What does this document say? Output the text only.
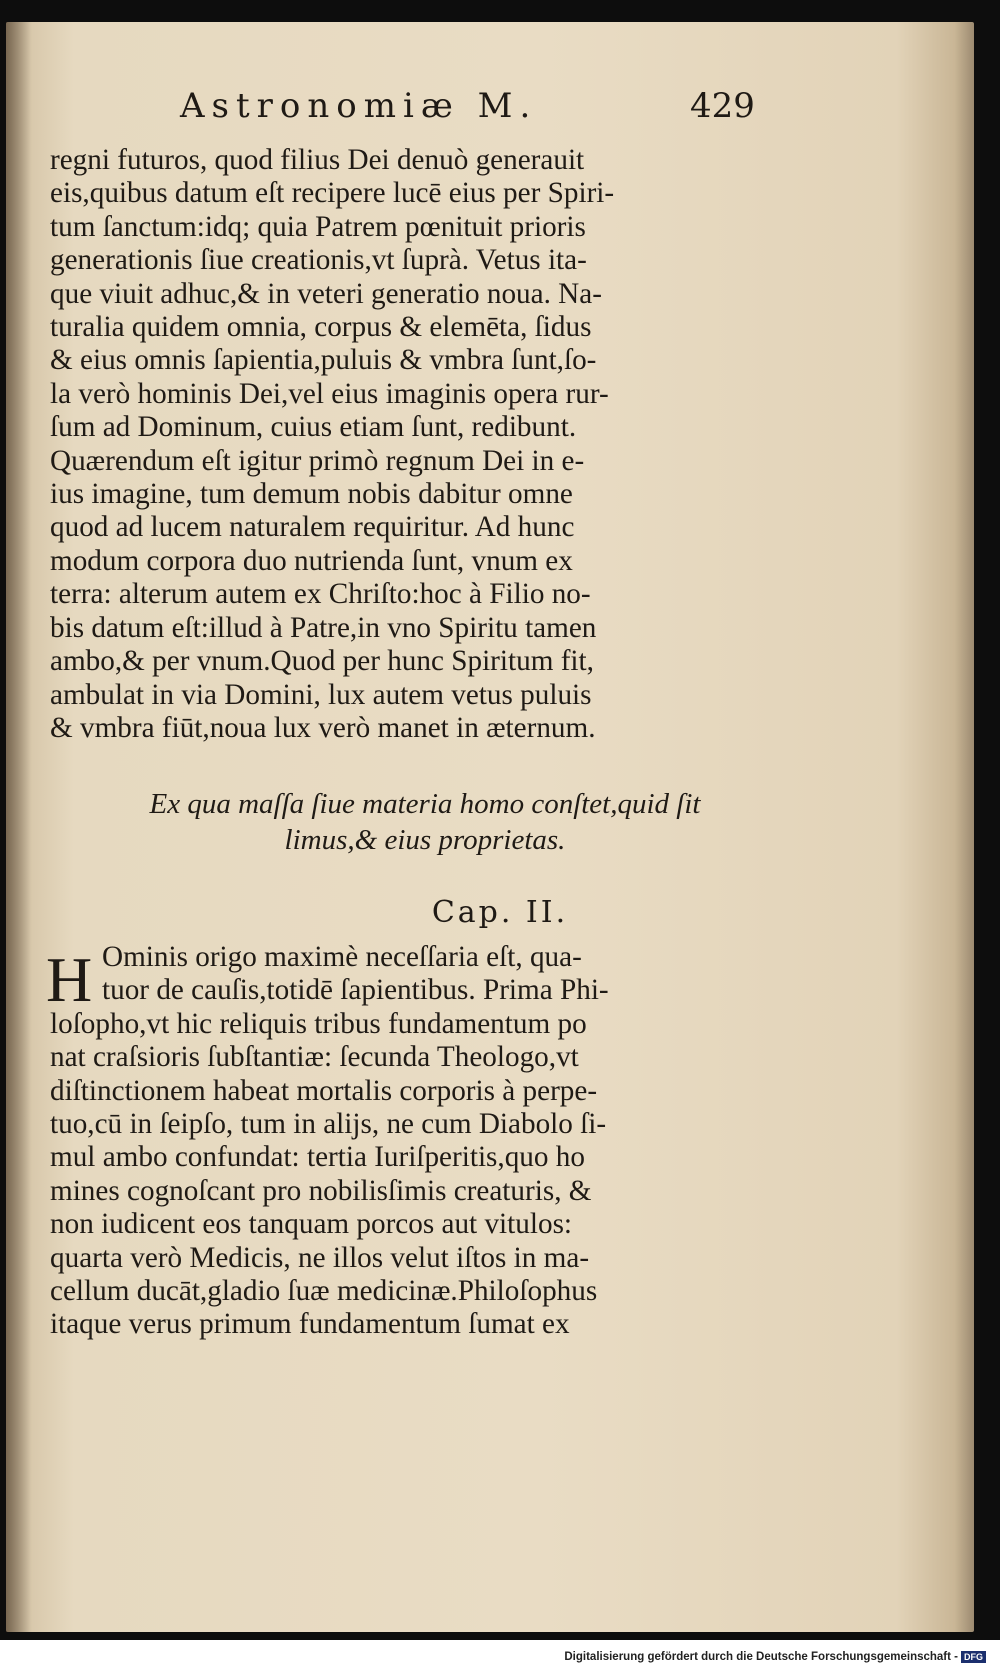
Astronomiæ M.	429
regni futuros, quod filius Dei denuò generauit
eis,quibus datum eſt recipere lucē eius per Spiri-
tum ſanctum:idq; quia Patrem pœnituit prioris
generationis ſiue creationis,vt ſuprà. Vetus ita-
que viuit adhuc,& in veteri generatio noua. Na-
turalia quidem omnia, corpus & elemēta, ſidus
& eius omnis ſapientia,puluis & vmbra ſunt,ſo-
la verò hominis Dei,vel eius imaginis opera rur-
ſum ad Dominum, cuius etiam ſunt, redibunt.
Quærendum eſt igitur primò regnum Dei in e-
ius imagine, tum demum nobis dabitur omne
quod ad lucem naturalem requiritur. Ad hunc
modum corpora duo nutrienda ſunt, vnum ex
terra: alterum autem ex Chriſto:hoc à Filio no-
bis datum eſt:illud à Patre,in vno Spiritu tamen
ambo,& per vnum.Quod per hunc Spiritum fit,
ambulat in via Domini, lux autem vetus puluis
& vmbra fiūt,noua lux verò manet in æternum.
Ex qua maſſa ſiue materia homo conſtet,quid ſit
limus,& eius proprietas.
Cap. II.
H Ominis origo maximè neceſſaria eſt, qua-

tuor de cauſis,totidē ſapientibus. Prima Phi-
loſopho,vt hic reliquis tribus fundamentum po
nat craſsioris ſubſtantiæ: ſecunda Theologo,vt
diſtinctionem habeat mortalis corporis à perpe-
tuo,cū in ſeipſo, tum in alijs, ne cum Diabolo ſi-
mul ambo confundat: tertia Iuriſperitis,quo ho
mines cognoſcant pro nobilisſimis creaturis, &
non iudicent eos tanquam porcos aut vitulos:
quarta verò Medicis, ne illos velut iſtos in ma-
cellum ducāt,gladio ſuæ medicinæ.Philoſophus
itaque verus primum fundamentum ſumat ex
Digitalisierung gefördert durch die Deutsche Forschungsgemeinschaft - DFG
